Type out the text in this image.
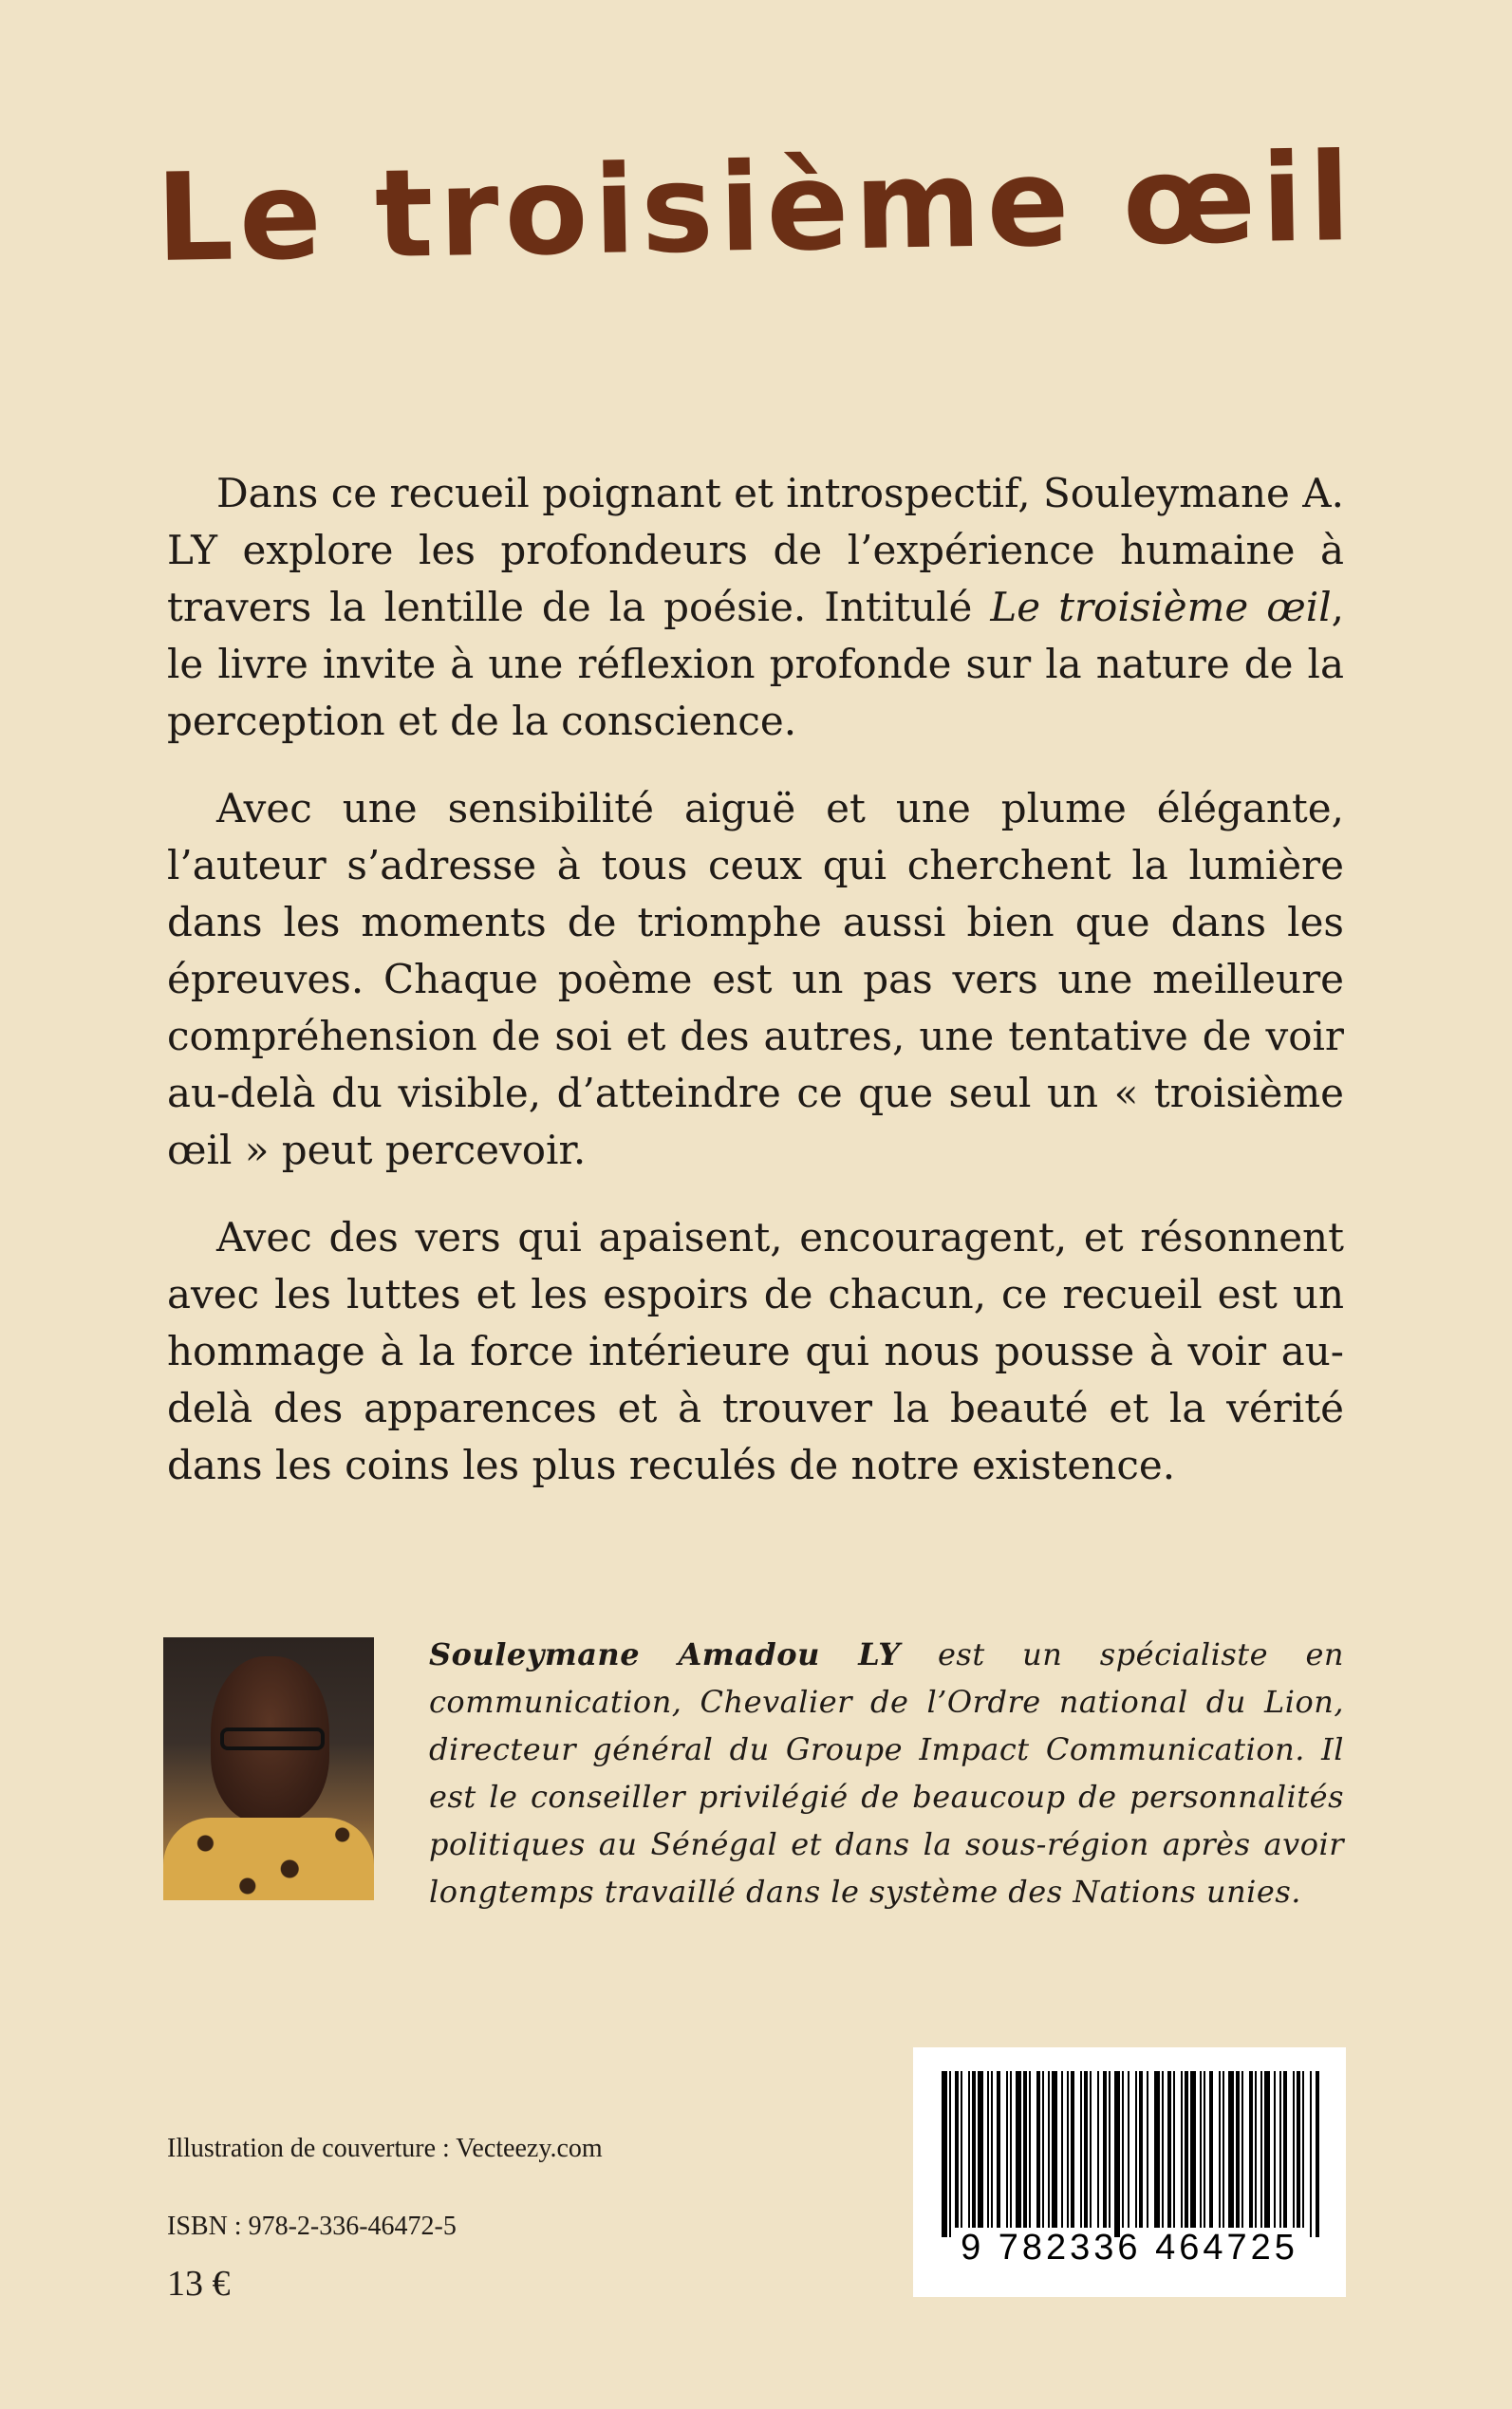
Le troisième œil

Dans ce recueil poignant et introspectif, Souleymane A. LY explore les profondeurs de l’expérience humaine à travers la lentille de la poésie. Intitulé Le troisième œil, le livre invite à une réflexion profonde sur la nature de la perception et de la conscience.

Avec une sensibilité aiguë et une plume élégante, l’auteur s’adresse à tous ceux qui cherchent la lumière dans les moments de triomphe aussi bien que dans les épreuves. Chaque poème est un pas vers une meilleure compréhension de soi et des autres, une tentative de voir au-delà du visible, d’atteindre ce que seul un « troisième œil » peut percevoir.

Avec des vers qui apaisent, encouragent, et résonnent avec les luttes et les espoirs de chacun, ce recueil est un hommage à la force intérieure qui nous pousse à voir au-delà des apparences et à trouver la beauté et la vérité dans les coins les plus reculés de notre existence.

Souleymane Amadou LY est un spécialiste en communication, Chevalier de l’Ordre national du Lion, directeur général du Groupe Impact Communication. Il est le conseiller privilégié de beaucoup de personnalités politiques au Sénégal et dans la sous-région après avoir longtemps travaillé dans le système des Nations unies.
Illustration de couverture : Vecteezy.com
ISBN : 978-2-336-46472-5
13 €
9 782336 464725
